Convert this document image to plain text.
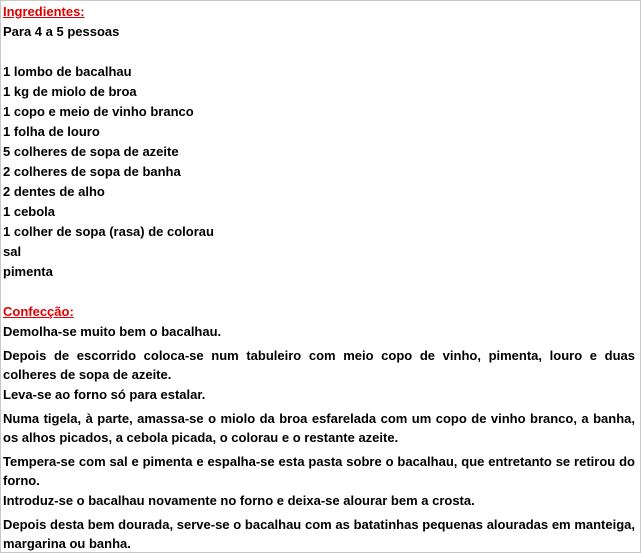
Ingredientes:
Para 4 a 5 pessoas
1 lombo de bacalhau
1 kg de miolo de broa
1 copo e meio de vinho branco
1 folha de louro
5 colheres de sopa de azeite
2 colheres de sopa de banha
2 dentes de alho
1 cebola
1 colher de sopa (rasa) de colorau
sal
pimenta
Confecção:
Demolha-se muito bem o bacalhau.
Depois de escorrido coloca-se num tabuleiro com meio copo de vinho, pimenta, louro e duas colheres de sopa de azeite.
Leva-se ao forno só para estalar.
Numa tigela, à parte, amassa-se o miolo da broa esfarelada com um copo de vinho branco, a banha, os alhos picados, a cebola picada, o colorau e o restante azeite.
Tempera-se com sal e pimenta e espalha-se esta pasta sobre o bacalhau, que entretanto se retirou do forno.
Introduz-se o bacalhau novamente no forno e deixa-se alourar bem a crosta.
Depois desta bem dourada, serve-se o bacalhau com as batatinhas pequenas alouradas em manteiga, margarina ou banha.
